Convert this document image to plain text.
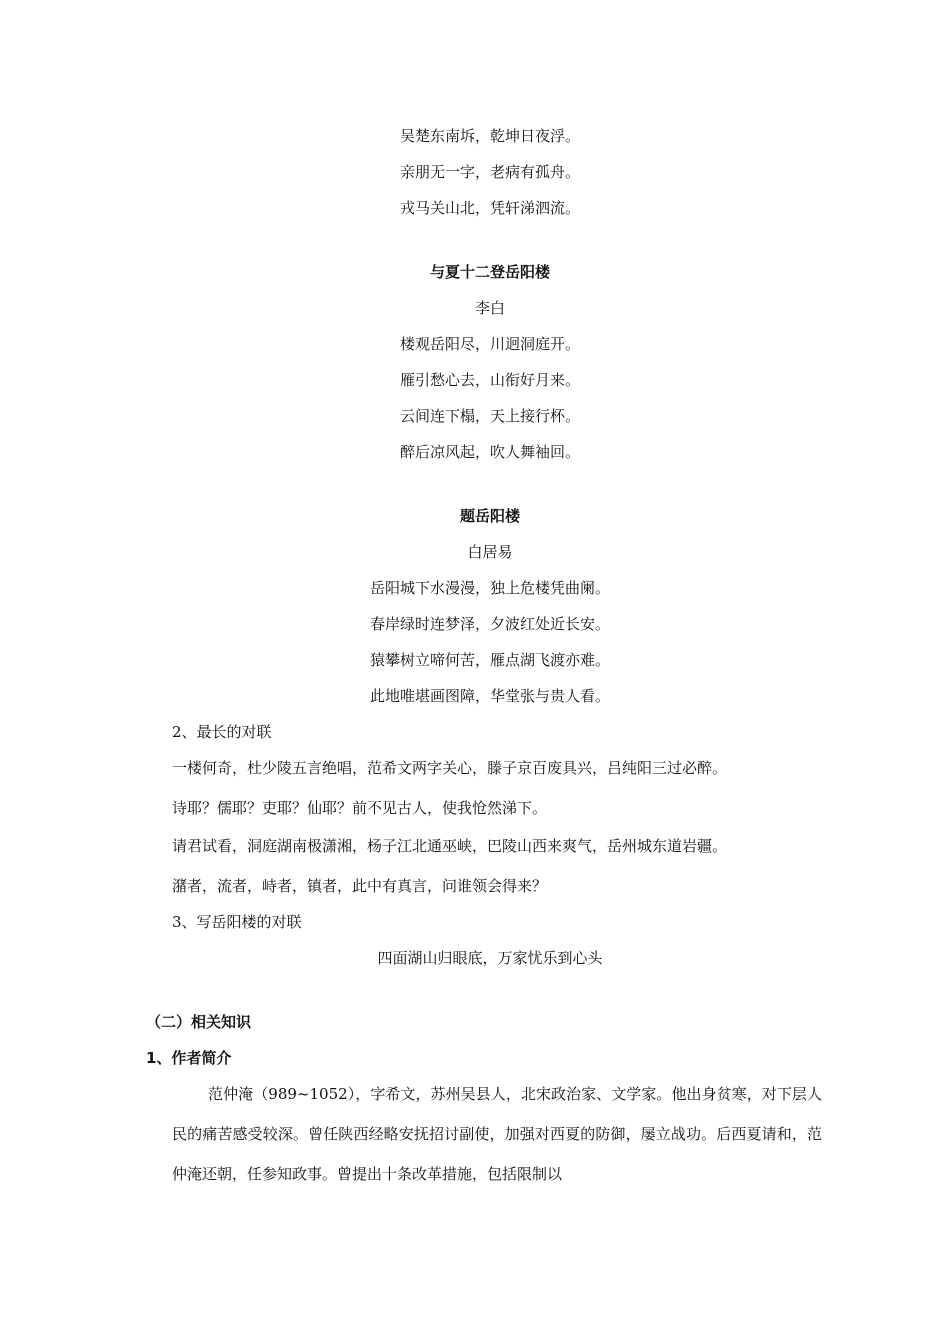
吴楚东南坼，乾坤日夜浮。
亲朋无一字，老病有孤舟。
戎马关山北，凭轩涕泗流。
与夏十二登岳阳楼
李白
楼观岳阳尽，川迥洞庭开。
雁引愁心去，山衔好月来。
云间连下榻，天上接行杯。
醉后凉风起，吹人舞袖回。
题岳阳楼
白居易
岳阳城下水漫漫，独上危楼凭曲阑。
春岸绿时连梦泽，夕波红处近长安。
猿攀树立啼何苦，雁点湖飞渡亦难。
此地唯堪画图障，华堂张与贵人看。
2、最长的对联
一楼何奇，杜少陵五言绝唱，范希文两字关心，滕子京百废具兴，吕纯阳三过必醉。
诗耶？儒耶？吏耶？仙耶？前不见古人，使我怆然涕下。
请君试看，洞庭湖南极潇湘，杨子江北通巫峡，巴陵山西来爽气，岳州城东道岩疆。
潴者，流者，峙者，镇者，此中有真言，问谁领会得来？
3、写岳阳楼的对联
四面湖山归眼底，万家忧乐到心头
（二）相关知识
1、作者简介
范仲淹（989~1052），字希文，苏州吴县人，北宋政治家、文学家。他出身贫寒，对下层人民的痛苦感受较深。曾任陕西经略安抚招讨副使，加强对西夏的防御，屡立战功。后西夏请和，范仲淹还朝，任参知政事。曾提出十条改革措施，包括限制以
